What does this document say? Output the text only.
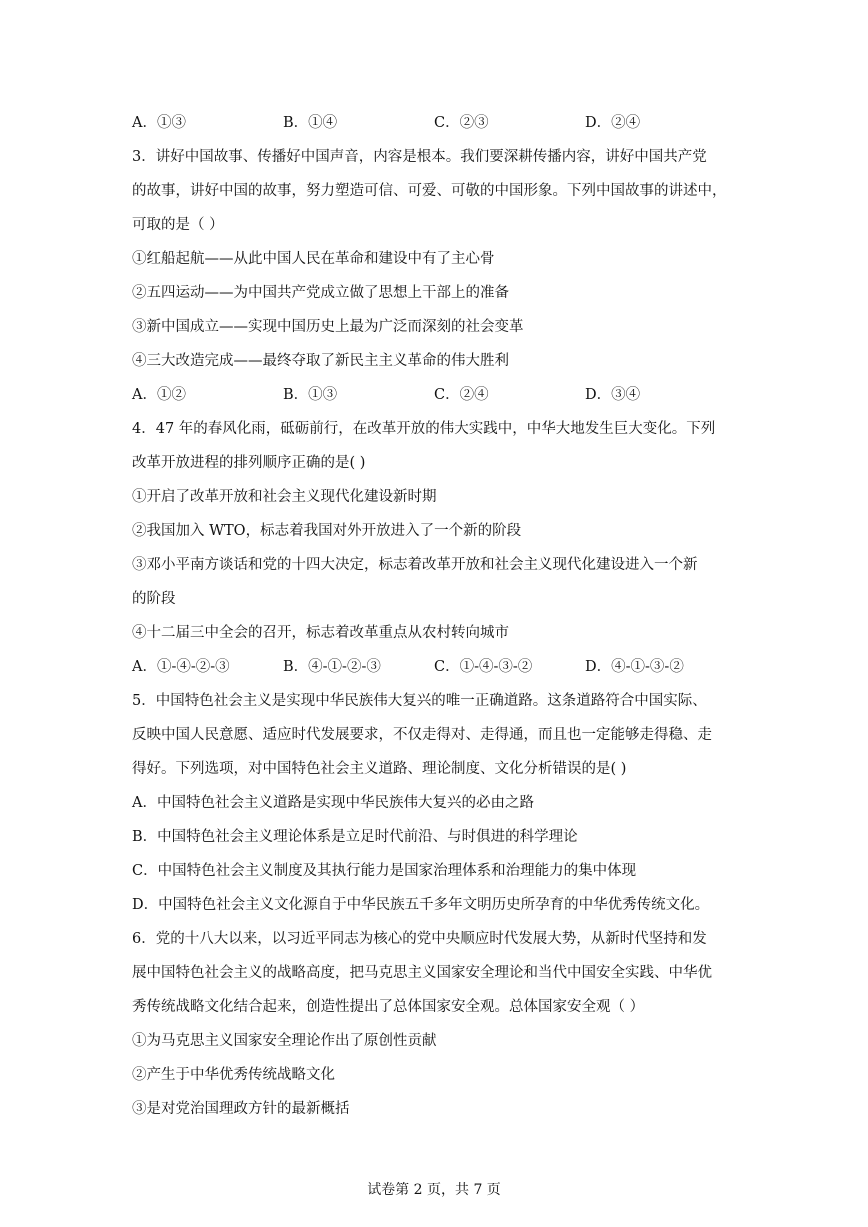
A．①③	B．①④	C．②③	D．②④
3．讲好中国故事、传播好中国声音，内容是根本。我们要深耕传播内容，讲好中国共产党
的故事，讲好中国的故事，努力塑造可信、可爱、可敬的中国形象。下列中国故事的讲述中，
可取的是（ ）
①红船起航——从此中国人民在革命和建设中有了主心骨
②五四运动——为中国共产党成立做了思想上干部上的准备
③新中国成立——实现中国历史上最为广泛而深刻的社会变革
④三大改造完成——最终夺取了新民主主义革命的伟大胜利
A．①②	B．①③	C．②④	D．③④
4．47 年的春风化雨，砥砺前行，在改革开放的伟大实践中，中华大地发生巨大变化。下列
改革开放进程的排列顺序正确的是( )
①开启了改革开放和社会主义现代化建设新时期
②我国加入 WTO，标志着我国对外开放进入了一个新的阶段
③邓小平南方谈话和党的十四大决定，标志着改革开放和社会主义现代化建设进入一个新
的阶段
④十二届三中全会的召开，标志着改革重点从农村转向城市
A．①-④-②-③	B．④-①-②-③	C．①-④-③-②	D．④-①-③-②
5．中国特色社会主义是实现中华民族伟大复兴的唯一正确道路。这条道路符合中国实际、
反映中国人民意愿、适应时代发展要求，不仅走得对、走得通，而且也一定能够走得稳、走
得好。下列选项，对中国特色社会主义道路、理论制度、文化分析错误的是( )
A．中国特色社会主义道路是实现中华民族伟大复兴的必由之路
B．中国特色社会主义理论体系是立足时代前沿、与时俱进的科学理论
C．中国特色社会主义制度及其执行能力是国家治理体系和治理能力的集中体现
D．中国特色社会主义文化源自于中华民族五千多年文明历史所孕育的中华优秀传统文化。
6．党的十八大以来，以习近平同志为核心的党中央顺应时代发展大势，从新时代坚持和发
展中国特色社会主义的战略高度，把马克思主义国家安全理论和当代中国安全实践、中华优
秀传统战略文化结合起来，创造性提出了总体国家安全观。总体国家安全观（ ）
①为马克思主义国家安全理论作出了原创性贡献
②产生于中华优秀传统战略文化
③是对党治国理政方针的最新概括
试卷第 2 页，共 7 页
